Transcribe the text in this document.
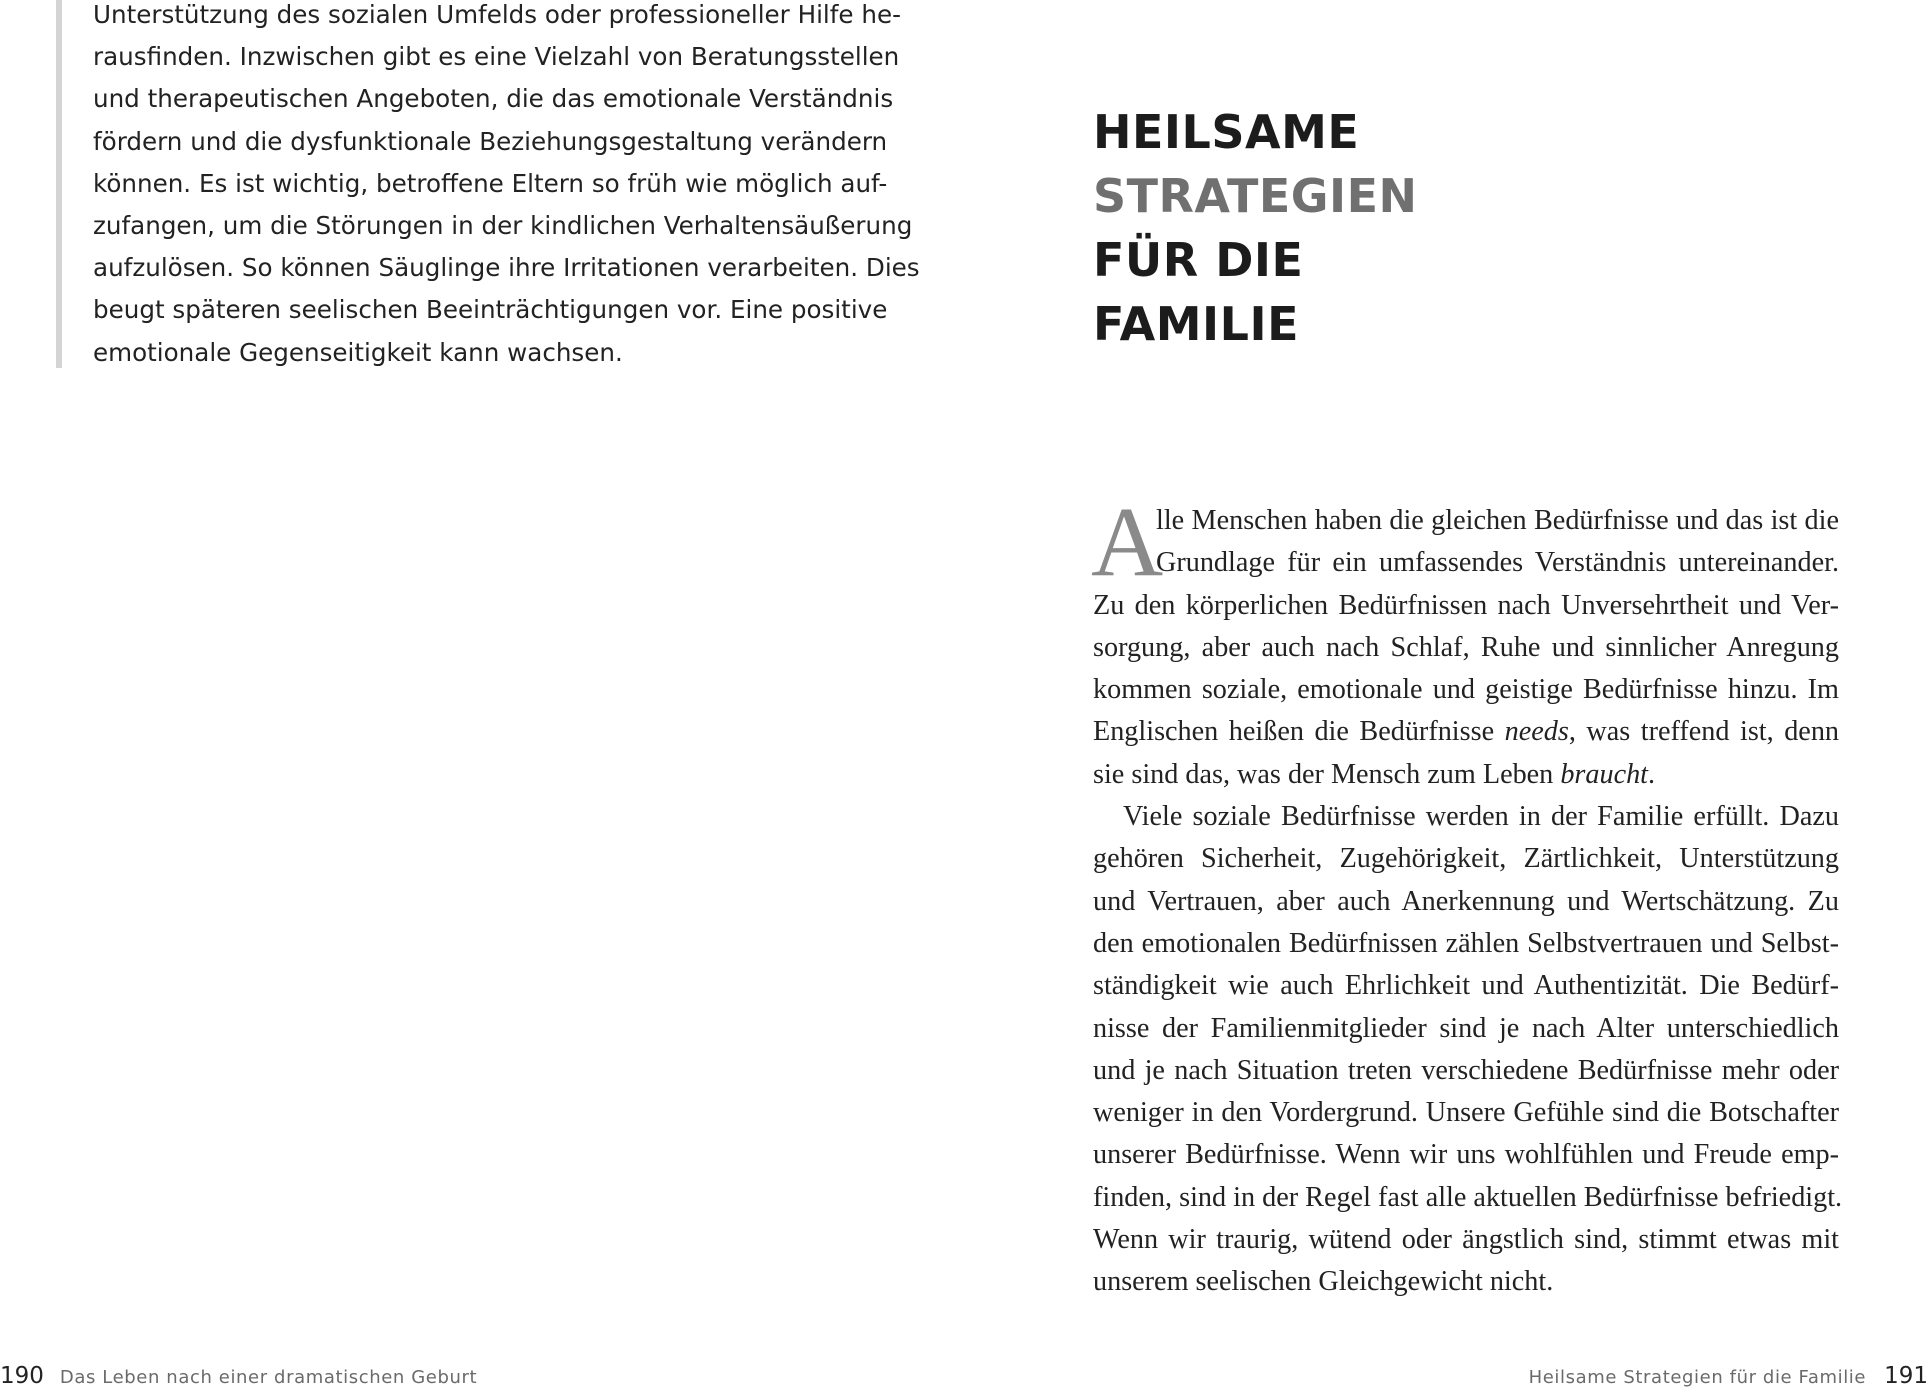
Unterstützung des sozialen Umfelds oder professioneller Hilfe he-
rausfinden. Inzwischen gibt es eine Vielzahl von Beratungsstellen
und therapeutischen Angeboten, die das emotionale Verständnis
fördern und die dysfunktionale Beziehungsgestaltung verändern
können. Es ist wichtig, betroffene Eltern so früh wie möglich auf-
zufangen, um die Störungen in der kindlichen Verhaltensäußerung
aufzulösen. So können Säuglinge ihre Irritationen verarbeiten. Dies
beugt späteren seelischen Beeinträchtigungen vor. Eine positive
emotionale Gegenseitigkeit kann wachsen.

190 Das Leben nach einer dramatischen Geburt
HEILSAME
STRATEGIEN
FÜR DIE
FAMILIE
A
lle Menschen haben die gleichen Bedürfnisse und das ist die
Grundlage für ein umfassendes Verständnis untereinander.
Zu den körperlichen Bedürfnissen nach Unversehrtheit und Ver-
sorgung, aber auch nach Schlaf, Ruhe und sinnlicher Anregung
kommen soziale, emotionale und geistige Bedürfnisse hinzu. Im
Englischen heißen die Bedürfnisse needs, was treffend ist, denn
sie sind das, was der Mensch zum Leben braucht.
Viele soziale Bedürfnisse werden in der Familie erfüllt. Dazu
gehören Sicherheit, Zugehörigkeit, Zärtlichkeit, Unterstützung
und Vertrauen, aber auch Anerkennung und Wertschätzung. Zu
den emotionalen Bedürfnissen zählen Selbstvertrauen und Selbst-
ständigkeit wie auch Ehrlichkeit und Authentizität. Die Bedürf-
nisse der Familienmitglieder sind je nach Alter unterschiedlich
und je nach Situation treten verschiedene Bedürfnisse mehr oder
weniger in den Vordergrund. Unsere Gefühle sind die Botschafter
unserer Bedürfnisse. Wenn wir uns wohlfühlen und Freude emp-
finden, sind in der Regel fast alle aktuellen Bedürfnisse befriedigt.
Wenn wir traurig, wütend oder ängstlich sind, stimmt etwas mit
unserem seelischen Gleichgewicht nicht.
Heilsame Strategien für die Familie 191
